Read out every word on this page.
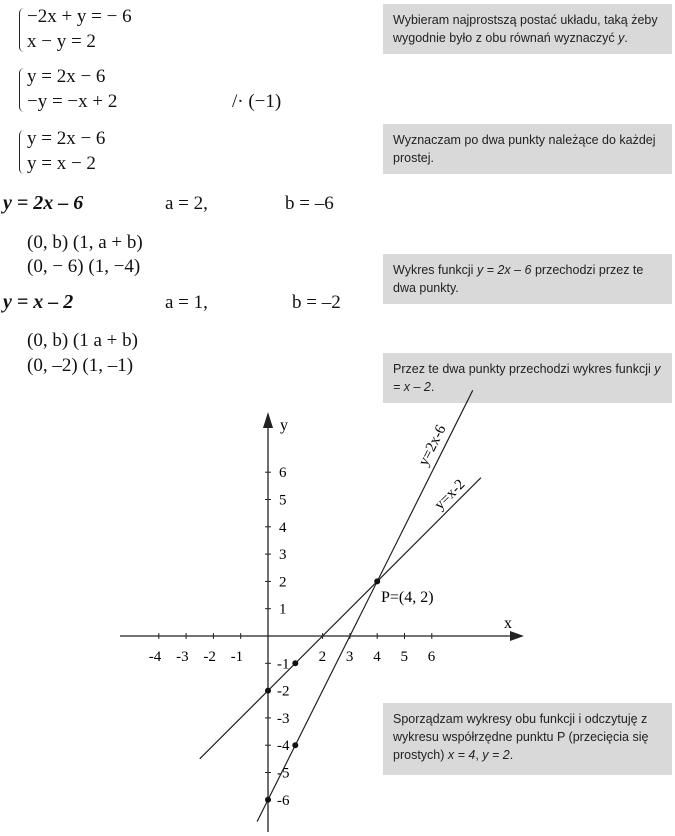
−2x + y = − 6
x − y = 2
y = 2x − 6
−y = −x + 2	/· (−1)
y = 2x − 6
y = x − 2
y = 2x – 6	a = 2,	b = –6
(0, b) (1, a + b)
(0, − 6) (1, −4)
y = x – 2	a = 1,	b = –2
(0, b) (1 a + b)
(0, –2) (1, –1)
Wybieram najprostszą postać układu, taką żeby wygodnie było z obu równań wyznaczyć y.
Wyznaczam po dwa punkty należące do każdej prostej.
Wykres funkcji y = 2x – 6 przechodzi przez te dwa punkty.
Przez te dwa punkty przechodzi wykres funkcji y = x – 2.
Sporządzam wykresy obu funkcji i odczytuję z wykresu współrzędne punktu P (przecięcia się prostych) x = 4, y = 2.
x
y
-4 -3 -2 -1	2 3 4 5 6
1
2
3
4
5
6
-1
-2
-3
-4
-5
-6
y=2x-6
y=x-2
P=(4, 2)
